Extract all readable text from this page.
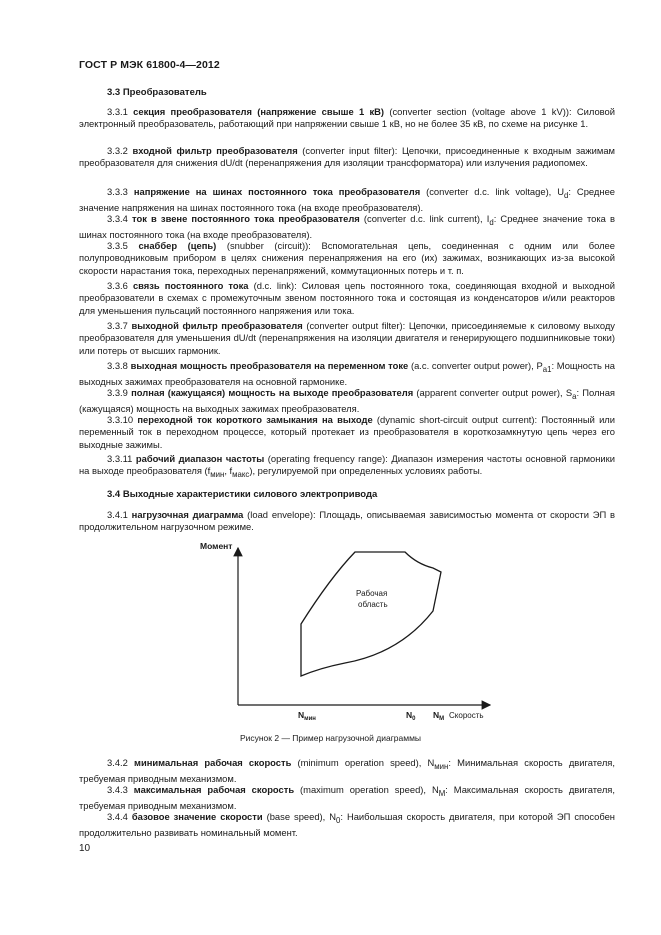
ГОСТ Р МЭК 61800-4—2012
3.3 Преобразователь
3.3.1 секция преобразователя (напряжение свыше 1 кВ) (converter section (voltage above 1 kV)): Силовой электронный преобразователь, работающий при напряжении свыше 1 кВ, но не более 35 кВ, по схеме на рисунке 1.
3.3.2 входной фильтр преобразователя (converter input filter): Цепочки, присоединенные к входным зажимам преобразователя для снижения dU/dt (перенапряжения для изоляции трансформатора) или излучения радиопомех.
3.3.3 напряжение на шинах постоянного тока преобразователя (converter d.c. link voltage), $U_d$: Среднее значение напряжения на шинах постоянного тока (на входе преобразователя).
3.3.4 ток в звене постоянного тока преобразователя (converter d.c. link current), $I_d$: Среднее значение тока в шинах постоянного тока (на входе преобразователя).
3.3.5 снаббер (цепь) (snubber (circuit)): Вспомогательная цепь, соединенная с одним или более полупроводниковым прибором в целях снижения перенапряжения на его (их) зажимах, возникающих из-за высокой скорости нарастания тока, переходных перенапряжений, коммутационных потерь и т. п.
3.3.6 связь постоянного тока (d.c. link): Силовая цепь постоянного тока, соединяющая входной и выходной преобразователи в схемах с промежуточным звеном постоянного тока и состоящая из конденсаторов и/или реакторов для уменьшения пульсаций постоянного напряжения или тока.
3.3.7 выходной фильтр преобразователя (converter output filter): Цепочки, присоединяемые к силовому выходу преобразователя для уменьшения dU/dt (перенапряжения на изоляции двигателя и генерирующего подшипниковые токи) или потерь от высших гармоник.
3.3.8 выходная мощность преобразователя на переменном токе (a.c. converter output power), $P_{a1}$: Мощность на выходных зажимах преобразователя на основной гармонике.
3.3.9 полная (кажущаяся) мощность на выходе преобразователя (apparent converter output power), $S_a$: Полная (кажущаяся) мощность на выходных зажимах преобразователя.
3.3.10 переходной ток короткого замыкания на выходе (dynamic short-circuit output current): Постоянный или переменный ток в переходном процессе, который протекает из преобразователя в короткозамкнутую цепь через его выходные зажимы.
3.3.11 рабочий диапазон частоты (operating frequency range): Диапазон измерения частоты основной гармоники на выходе преобразователя ($f_{мин}$, $f_{макс}$), регулируемой при определенных условиях работы.
3.4 Выходные характеристики силового электропривода
3.4.1 нагрузочная диаграмма (load envelope): Площадь, описываемая зависимостью момента от скорости ЭП в продолжительном нагрузочном режиме.
Момент
Рабочая
область
$N_{мин}$	$N_0$ $N_M$ Скорость
Рисунок 2 — Пример нагрузочной диаграммы
3.4.2 минимальная рабочая скорость (minimum operation speed), $N_{мин}$: Минимальная скорость двигателя, требуемая приводным механизмом.
3.4.3 максимальная рабочая скорость (maximum operation speed), $N_M$: Максимальная скорость двигателя, требуемая приводным механизмом.
3.4.4 базовое значение скорости (base speed), $N_0$: Наибольшая скорость двигателя, при которой ЭП способен продолжительно развивать номинальный момент.
10
